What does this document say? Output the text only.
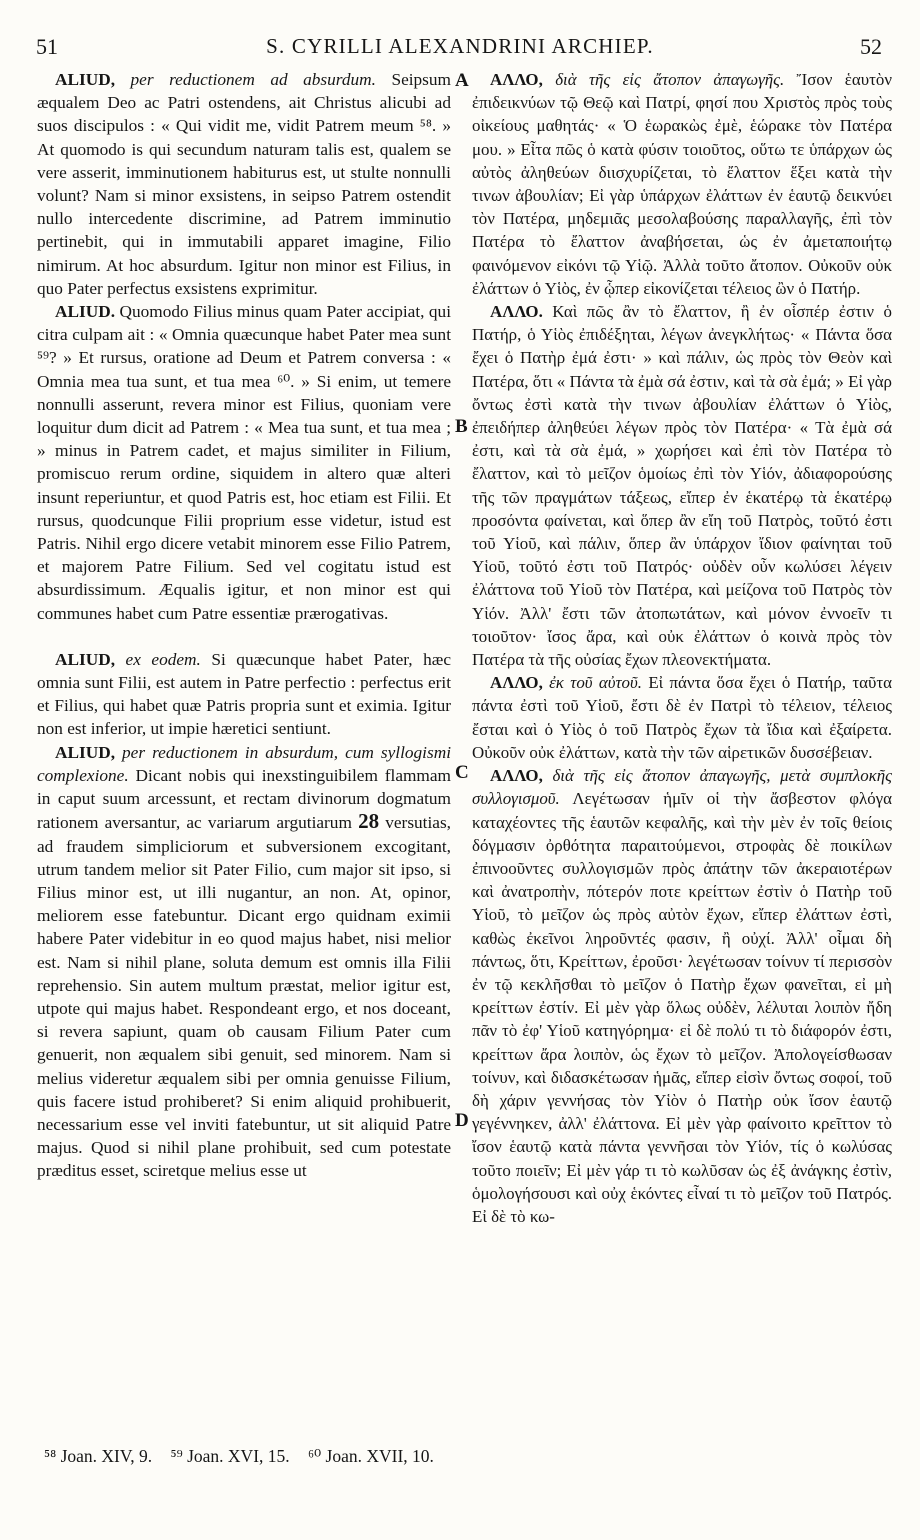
51	S. CYRILLI ALEXANDRINI ARCHIEP.	52

ALIUD, per reductionem ad absurdum. Seipsum æqualem Deo ac Patri ostendens, ait Christus alicubi ad suos discipulos : « Qui vidit me, vidit Patrem meum ⁵⁸. » At quomodo is qui secundum naturam talis est, qualem se vere asserit, imminutionem habiturus est, ut stulte nonnulli volunt? Nam si minor exsistens, in seipso Patrem ostendit nullo intercedente discrimine, ad Patrem imminutio pertinebit, qui in immutabili apparet imagine, Filio nimirum. At hoc absurdum. Igitur non minor est Filius, in quo Pater perfectus exsistens exprimitur.

ALIUD. Quomodo Filius minus quam Pater accipiat, qui citra culpam ait : « Omnia quæcunque habet Pater mea sunt ⁵⁹? » Et rursus, oratione ad Deum et Patrem conversa : « Omnia mea tua sunt, et tua mea ⁶⁰. » Si enim, ut temere nonnulli asserunt, revera minor est Filius, quoniam vere loquitur dum dicit ad Patrem : « Mea tua sunt, et tua mea ; » minus in Patrem cadet, et majus similiter in Filium, promiscuo rerum ordine, siquidem in altero quæ alteri insunt reperiuntur, et quod Patris est, hoc etiam est Filii. Et rursus, quodcunque Filii proprium esse videtur, istud est Patris. Nihil ergo dicere vetabit minorem esse Filio Patrem, et majorem Patre Filium. Sed vel cogitatu istud est absurdissimum. Æqualis igitur, et non minor est qui communes habet cum Patre essentiæ prærogativas.

ALIUD, ex eodem. Si quæcunque habet Pater, hæc omnia sunt Filii, est autem in Patre perfectio : perfectus erit et Filius, qui habet quæ Patris propria sunt et eximia. Igitur non est inferior, ut impie hæretici sentiunt.

ALIUD, per reductionem in absurdum, cum syllogismi complexione. Dicant nobis qui inexstinguibilem flammam in caput suum arcessunt, et rectam divinorum dogmatum rationem aversantur, ac variarum argutiarum 28 versutias, ad fraudem simpliciorum et subversionem excogitant, utrum tandem melior sit Pater Filio, cum major sit ipso, si Filius minor est, ut illi nugantur, an non. At, opinor, meliorem esse fatebuntur. Dicant ergo quidnam eximii habere Pater videbitur in eo quod majus habet, nisi melior est. Nam si nihil plane, soluta demum est omnis illa Filii reprehensio. Sin autem multum præstat, melior igitur est, utpote qui majus habet. Respondeant ergo, et nos doceant, si revera sapiunt, quam ob causam Filium Pater cum genuerit, non æqualem sibi genuit, sed minorem. Nam si melius videretur æqualem sibi per omnia genuisse Filium, quis facere istud prohiberet? Si enim aliquid prohibuerit, necessarium esse vel inviti fatebuntur, ut sit aliquid Patre majus. Quod si nihil plane prohibuit, sed cum potestate præditus esset, sciretque melius esse ut

A
B
C
D

ΑΛΛΟ, διὰ τῆς εἰς ἄτοπον ἀπαγωγῆς. Ἴσον ἑαυτὸν ἐπιδεικνύων τῷ Θεῷ καὶ Πατρί, φησί που Χριστὸς πρὸς τοὺς οἰκείους μαθητάς· « Ὁ ἑωρακὼς ἐμὲ, ἑώρακε τὸν Πατέρα μου. » Εἶτα πῶς ὁ κατὰ φύσιν τοιοῦτος, οὕτω τε ὑπάρχων ὡς αὐτὸς ἀληθεύων διισχυρίζεται, τὸ ἔλαττον ἕξει κατὰ τὴν τινων ἀβουλίαν; Εἰ γὰρ ὑπάρχων ἐλάττων ἐν ἑαυτῷ δεικνύει τὸν Πατέρα, μηδεμιᾶς μεσολαβούσης παραλλαγῆς, ἐπὶ τὸν Πατέρα τὸ ἔλαττον ἀναβήσεται, ὡς ἐν ἀμεταποιήτῳ φαινόμενον εἰκόνι τῷ Υἱῷ. Ἀλλὰ τοῦτο ἄτοπον. Οὐκοῦν οὐκ ἐλάττων ὁ Υἱὸς, ἐν ᾧπερ εἰκονίζεται τέλειος ὢν ὁ Πατήρ.

ΑΛΛΟ. Καὶ πῶς ἂν τὸ ἔλαττον, ἢ ἐν οἷσπέρ ἐστιν ὁ Πατήρ, ὁ Υἱὸς ἐπιδέξηται, λέγων ἀνεγκλήτως· « Πάντα ὅσα ἔχει ὁ Πατὴρ ἐμά ἐστι· » καὶ πάλιν, ὡς πρὸς τὸν Θεὸν καὶ Πατέρα, ὅτι « Πάντα τὰ ἐμὰ σά ἐστιν, καὶ τὰ σὰ ἐμά; » Εἰ γὰρ ὄντως ἐστὶ κατὰ τὴν τινων ἀβουλίαν ἐλάττων ὁ Υἱὸς, ἐπειδήπερ ἀληθεύει λέγων πρὸς τὸν Πατέρα· « Τὰ ἐμὰ σά ἐστι, καὶ τὰ σὰ ἐμά, » χωρήσει καὶ ἐπὶ τὸν Πατέρα τὸ ἔλαττον, καὶ τὸ μεῖζον ὁμοίως ἐπὶ τὸν Υἱόν, ἀδιαφορούσης τῆς τῶν πραγμάτων τάξεως, εἴπερ ἐν ἑκατέρῳ τὰ ἑκατέρῳ προσόντα φαίνεται, καὶ ὅπερ ἂν εἴη τοῦ Πατρὸς, τοῦτό ἐστι τοῦ Υἱοῦ, καὶ πάλιν, ὅπερ ἂν ὑπάρχον ἴδιον φαίνηται τοῦ Υἱοῦ, τοῦτό ἐστι τοῦ Πατρός· οὐδὲν οὖν κωλύσει λέγειν ἐλάττονα τοῦ Υἱοῦ τὸν Πατέρα, καὶ μείζονα τοῦ Πατρὸς τὸν Υἱόν. Ἀλλ' ἔστι τῶν ἀτοπωτάτων, καὶ μόνον ἐννοεῖν τι τοιοῦτον· ἴσος ἄρα, καὶ οὐκ ἐλάττων ὁ κοινὰ πρὸς τὸν Πατέρα τὰ τῆς οὐσίας ἔχων πλεονεκτήματα.

ΑΛΛΟ, ἐκ τοῦ αὐτοῦ. Εἰ πάντα ὅσα ἔχει ὁ Πατήρ, ταῦτα πάντα ἐστὶ τοῦ Υἱοῦ, ἔστι δὲ ἐν Πατρὶ τὸ τέλειον, τέλειος ἔσται καὶ ὁ Υἱὸς ὁ τοῦ Πατρὸς ἔχων τὰ ἴδια καὶ ἐξαίρετα. Οὐκοῦν οὐκ ἐλάττων, κατὰ τὴν τῶν αἱρετικῶν δυσσέβειαν.

ΑΛΛΟ, διὰ τῆς εἰς ἄτοπον ἀπαγωγῆς, μετὰ συμπλοκῆς συλλογισμοῦ. Λεγέτωσαν ἡμῖν οἱ τὴν ἄσβεστον φλόγα καταχέοντες τῆς ἑαυτῶν κεφαλῆς, καὶ τὴν μὲν ἐν τοῖς θείοις δόγμασιν ὀρθότητα παραιτούμενοι, στροφὰς δὲ ποικίλων ἐπινοοῦντες συλλογισμῶν πρὸς ἀπάτην τῶν ἀκεραιοτέρων καὶ ἀνατροπὴν, πότερόν ποτε κρείττων ἐστὶν ὁ Πατὴρ τοῦ Υἱοῦ, τὸ μεῖζον ὡς πρὸς αὐτὸν ἔχων, εἴπερ ἐλάττων ἐστὶ, καθὼς ἐκεῖνοι ληροῦντές φασιν, ἢ οὐχί. Ἀλλ' οἶμαι δὴ πάντως, ὅτι, Κρείττων, ἐροῦσι· λεγέτωσαν τοίνυν τί περισσὸν ἐν τῷ κεκλῆσθαι τὸ μεῖζον ὁ Πατὴρ ἔχων φανεῖται, εἰ μὴ κρείττων ἐστίν. Εἰ μὲν γὰρ ὅλως οὐδὲν, λέλυται λοιπὸν ἤδη πᾶν τὸ ἐφ' Υἱοῦ κατηγόρημα· εἰ δὲ πολύ τι τὸ διάφορόν ἐστι, κρείττων ἄρα λοιπὸν, ὡς ἔχων τὸ μεῖζον. Ἀπολογείσθωσαν τοίνυν, καὶ διδασκέτωσαν ἡμᾶς, εἴπερ εἰσὶν ὄντως σοφοί, τοῦ δὴ χάριν γεννήσας τὸν Υἱὸν ὁ Πατὴρ οὐκ ἴσον ἑαυτῷ γεγέννηκεν, ἀλλ' ἐλάττονα. Εἰ μὲν γὰρ φαίνοιτο κρεῖττον τὸ ἴσον ἑαυτῷ κατὰ πάντα γεννῆσαι τὸν Υἱόν, τίς ὁ κωλύσας τοῦτο ποιεῖν; Εἰ μὲν γάρ τι τὸ κωλῦσαν ὡς ἐξ ἀνάγκης ἐστὶν, ὁμολογήσουσι καὶ οὐχ ἑκόντες εἶναί τι τὸ μεῖζον τοῦ Πατρός. Εἰ δὲ τὸ κω-

⁵⁸ Joan. XIV, 9. ⁵⁹ Joan. XVI, 15. ⁶⁰ Joan. XVII, 10.
